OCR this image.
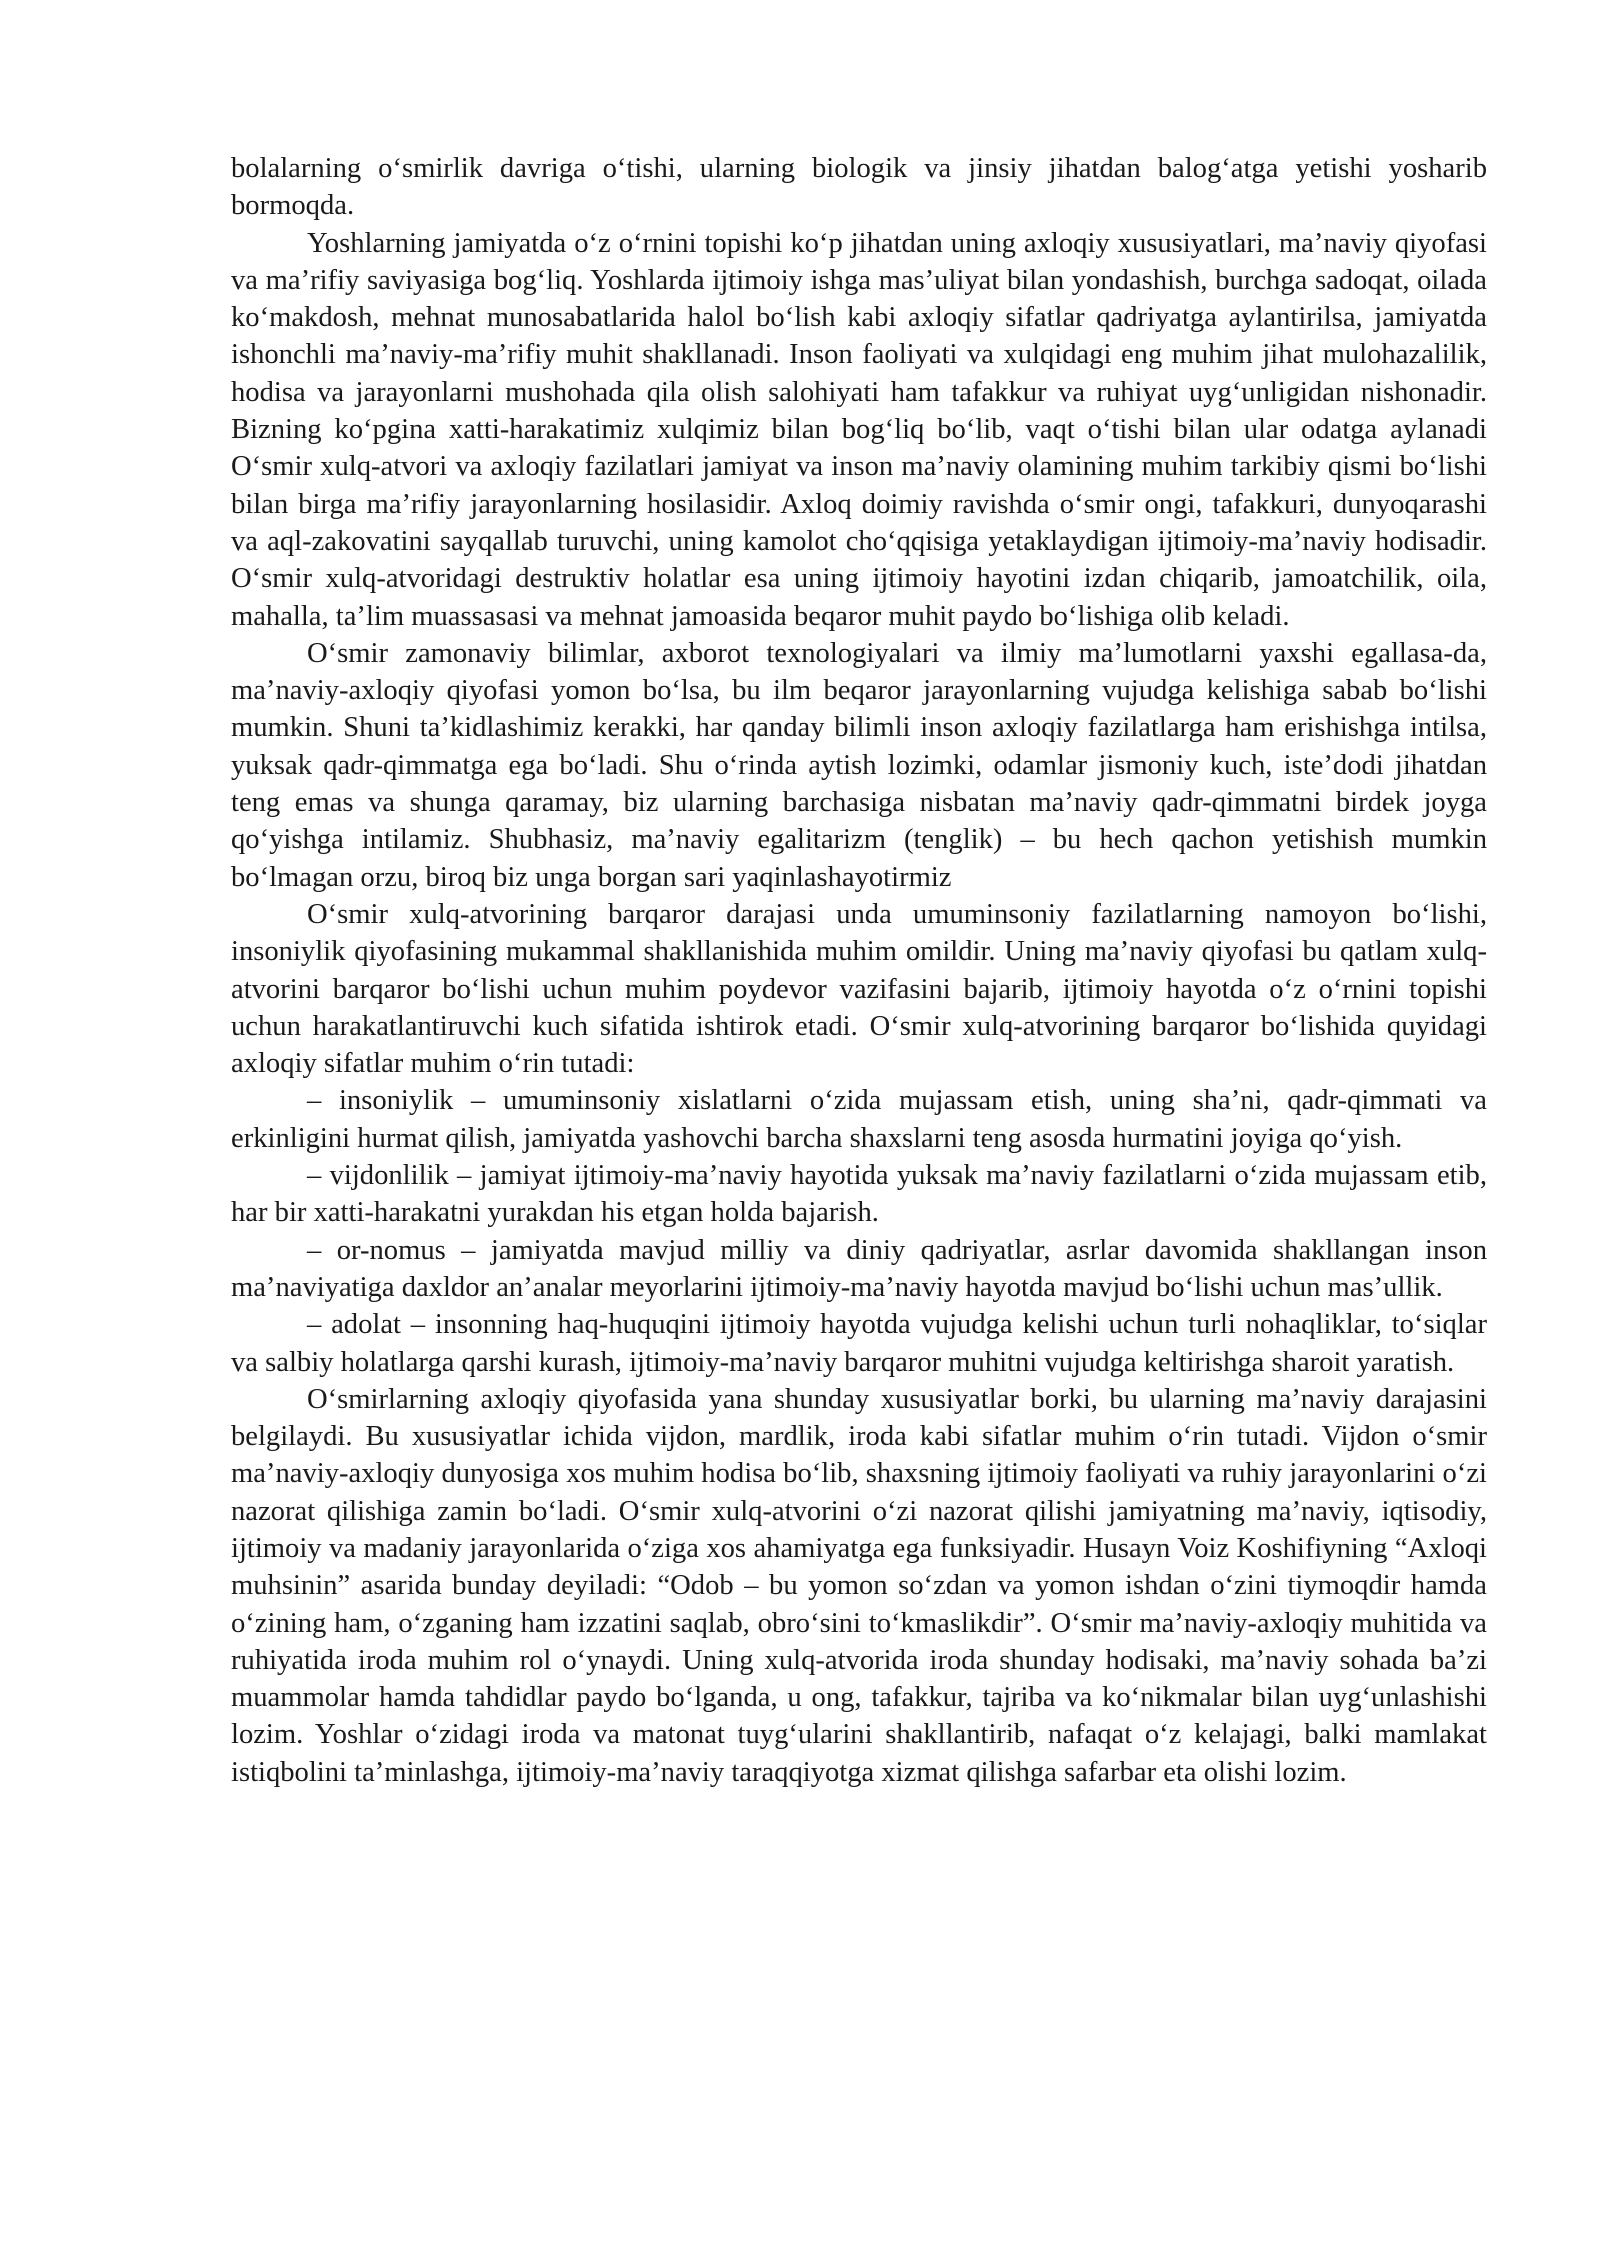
bolalarning oʻsmirlik davriga oʻtishi, ularning biologik va jinsiy jihatdan balogʻatga yetishi yosharib bormoqda.

Yoshlarning jamiyatda oʻz oʻrnini topishi koʻp jihatdan uning axloqiy xususiyatlari, maʼnaviy qiyofasi va maʼrifiy saviyasiga bogʻliq. Yoshlarda ijtimoiy ishga masʼuliyat bilan yondashish, burchga sadoqat, oilada koʻmakdosh, mehnat munosabatlarida halol boʻlish kabi axloqiy sifatlar qadriyatga aylantirilsa, jamiyatda ishonchli maʼnaviy-maʼrifiy muhit shakllanadi. Inson faoliyati va xulqidagi eng muhim jihat mulohazalilik, hodisa va jarayonlarni mushohada qila olish salohiyati ham tafakkur va ruhiyat uygʻunligidan nishonadir. Bizning koʻpgina xatti-harakatimiz xulqimiz bilan bogʻliq boʻlib, vaqt oʻtishi bilan ular odatga aylanadi Oʻsmir xulq-atvori va axloqiy fazilatlari jamiyat va inson maʼnaviy olamining muhim tarkibiy qismi boʻlishi bilan birga maʼrifiy jarayonlarning hosilasidir. Axloq doimiy ravishda oʻsmir ongi, tafakkuri, dunyoqarashi va aql-zakovatini sayqallab turuvchi, uning kamolot choʻqqisiga yetaklaydigan ijtimoiy-maʼnaviy hodisadir. Oʻsmir xulq-atvoridagi destruktiv holatlar esa uning ijtimoiy hayotini izdan chiqarib, jamoatchilik, oila, mahalla, taʼlim muassasasi va mehnat jamoasida beqaror muhit paydo boʻlishiga olib keladi.

Oʻsmir zamonaviy bilimlar, axborot texnologiyalari va ilmiy maʼlumotlarni yaxshi egallasa-da, maʼnaviy-axloqiy qiyofasi yomon boʻlsa, bu ilm beqaror jarayonlarning vujudga kelishiga sabab boʻlishi mumkin. Shuni taʼkidlashimiz kerakki, har qanday bilimli inson axloqiy fazilatlarga ham erishishga intilsa, yuksak qadr-qimmatga ega boʻladi. Shu oʻrinda aytish lozimki, odamlar jismoniy kuch, isteʼdodi jihatdan teng emas va shunga qaramay, biz ularning barchasiga nisbatan maʼnaviy qadr-qimmatni birdek joyga qoʻyishga intilamiz. Shubhasiz, maʼnaviy egalitarizm (tenglik) – bu hech qachon yetishish mumkin boʻlmagan orzu, biroq biz unga borgan sari yaqinlashayotirmiz

Oʻsmir xulq-atvorining barqaror darajasi unda umuminsoniy fazilatlarning namoyon boʻlishi, insoniylik qiyofasining mukammal shakllanishida muhim omildir. Uning maʼnaviy qiyofasi bu qatlam xulq-atvorini barqaror boʻlishi uchun muhim poydevor vazifasini bajarib, ijtimoiy hayotda oʻz oʻrnini topishi uchun harakatlantiruvchi kuch sifatida ishtirok etadi. Oʻsmir xulq-atvorining barqaror boʻlishida quyidagi axloqiy sifatlar muhim oʻrin tutadi:

– insoniylik – umuminsoniy xislatlarni oʻzida mujassam etish, uning shaʼni, qadr-qimmati va erkinligini hurmat qilish, jamiyatda yashovchi barcha shaxslarni teng asosda hurmatini joyiga qoʻyish.

– vijdonlilik – jamiyat ijtimoiy-maʼnaviy hayotida yuksak maʼnaviy fazilatlarni oʻzida mujassam etib, har bir xatti-harakatni yurakdan his etgan holda bajarish.

– or-nomus – jamiyatda mavjud milliy va diniy qadriyatlar, asrlar davomida shakllangan inson maʼnaviyatiga daxldor anʼanalar meyorlarini ijtimoiy-maʼnaviy hayotda mavjud boʻlishi uchun masʼullik.

– adolat – insonning haq-huquqini ijtimoiy hayotda vujudga kelishi uchun turli nohaqliklar, toʻsiqlar va salbiy holatlarga qarshi kurash, ijtimoiy-maʼnaviy barqaror muhitni vujudga keltirishga sharoit yaratish.

Oʻsmirlarning axloqiy qiyofasida yana shunday xususiyatlar borki, bu ularning maʼnaviy darajasini belgilaydi. Bu xususiyatlar ichida vijdon, mardlik, iroda kabi sifatlar muhim oʻrin tutadi. Vijdon oʻsmir maʼnaviy-axloqiy dunyosiga xos muhim hodisa boʻlib, shaxsning ijtimoiy faoliyati va ruhiy jarayonlarini oʻzi nazorat qilishiga zamin boʻladi. Oʻsmir xulq-atvorini oʻzi nazorat qilishi jamiyatning maʼnaviy, iqtisodiy, ijtimoiy va madaniy jarayonlarida oʻziga xos ahamiyatga ega funksiyadir. Husayn Voiz Koshifiyning “Axloqi muhsinin” asarida bunday deyiladi: “Odob – bu yomon soʻzdan va yomon ishdan oʻzini tiymoqdir hamda oʻzining ham, oʻzganing ham izzatini saqlab, obroʻsini toʻkmaslikdir”. Oʻsmir maʼnaviy-axloqiy muhitida va ruhiyatida iroda muhim rol oʻynaydi. Uning xulq-atvorida iroda shunday hodisaki, maʼnaviy sohada baʼzi muammolar hamda tahdidlar paydo boʻlganda, u ong, tafakkur, tajriba va koʻnikmalar bilan uygʻunlashishi lozim. Yoshlar oʻzidagi iroda va matonat tuygʻularini shakllantirib, nafaqat oʻz kelajagi, balki mamlakat istiqbolini taʼminlashga, ijtimoiy-maʼnaviy taraqqiyotga xizmat qilishga safarbar eta olishi lozim.
